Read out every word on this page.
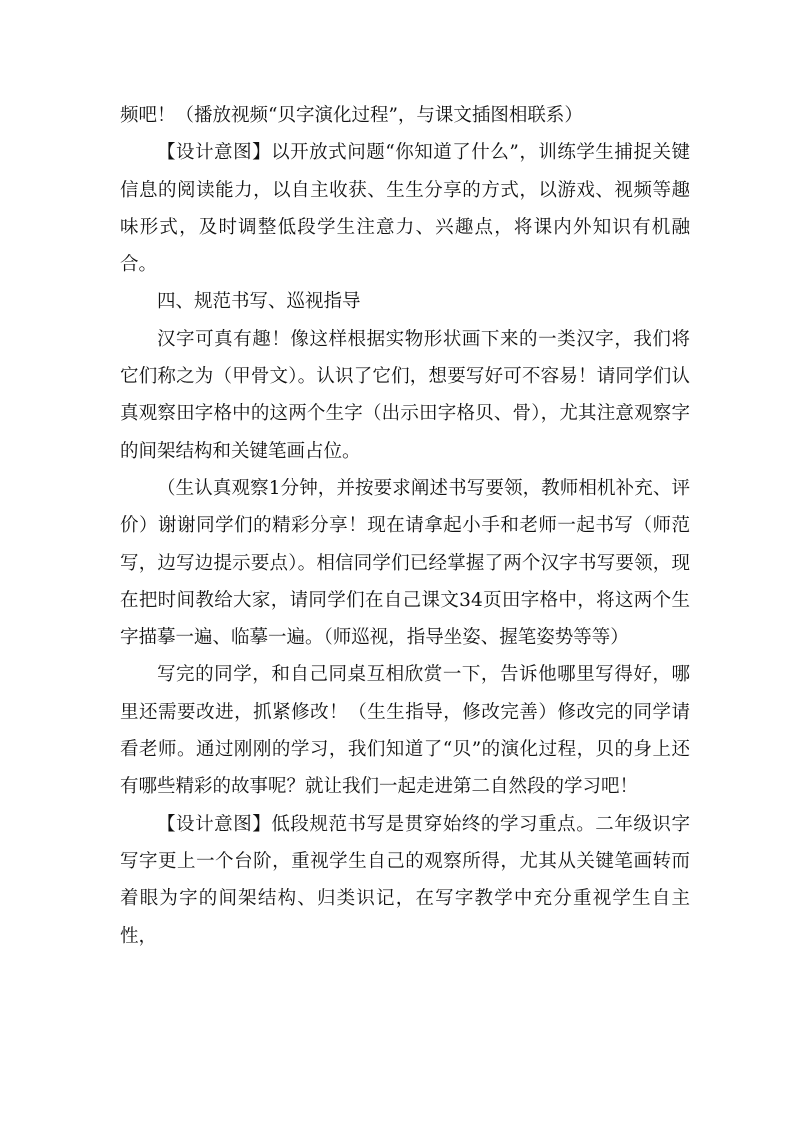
频吧！（播放视频“贝字演化过程”，与课文插图相联系）

【设计意图】以开放式问题“你知道了什么”，训练学生捕捉关键信息的阅读能力，以自主收获、生生分享的方式，以游戏、视频等趣味形式，及时调整低段学生注意力、兴趣点，将课内外知识有机融合。

四、规范书写、巡视指导

汉字可真有趣！像这样根据实物形状画下来的一类汉字，我们将它们称之为（甲骨文）。认识了它们，想要写好可不容易！请同学们认真观察田字格中的这两个生字（出示田字格贝、骨），尤其注意观察字的间架结构和关键笔画占位。

（生认真观察1分钟，并按要求阐述书写要领，教师相机补充、评价）谢谢同学们的精彩分享！现在请拿起小手和老师一起书写（师范写，边写边提示要点）。相信同学们已经掌握了两个汉字书写要领，现在把时间教给大家，请同学们在自己课文34页田字格中，将这两个生字描摹一遍、临摹一遍。（师巡视，指导坐姿、握笔姿势等等）

写完的同学，和自己同桌互相欣赏一下，告诉他哪里写得好，哪里还需要改进，抓紧修改！（生生指导，修改完善）修改完的同学请看老师。通过刚刚的学习，我们知道了“贝”的演化过程，贝的身上还有哪些精彩的故事呢？就让我们一起走进第二自然段的学习吧！

【设计意图】低段规范书写是贯穿始终的学习重点。二年级识字写字更上一个台阶，重视学生自己的观察所得，尤其从关键笔画转而着眼为字的间架结构、归类识记，在写字教学中充分重视学生自主性，
